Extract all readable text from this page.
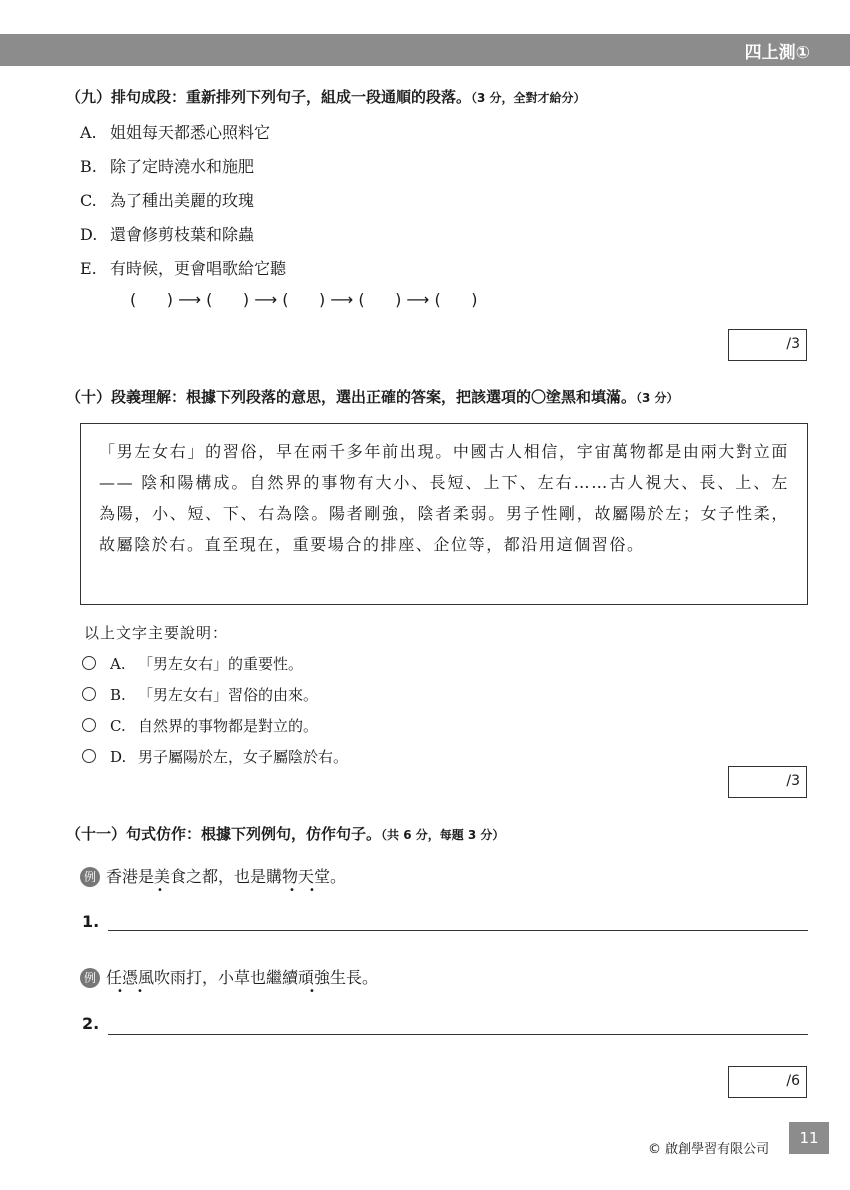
四上測①
（九）排句成段：重新排列下列句子，組成一段通順的段落。（3 分，全對才給分）
A. 姐姐每天都悉心照料它
B. 除了定時澆水和施肥
C. 為了種出美麗的玫瑰
D. 還會修剪枝葉和除蟲
E. 有時候，更會唱歌給它聽
(      ) ⟶ (      ) ⟶ (      ) ⟶ (      ) ⟶ (      )
/3
（十）段義理解：根據下列段落的意思，選出正確的答案，把該選項的〇塗黑和填滿。（3 分）

「男左女右」的習俗，早在兩千多年前出現。中國古人相信，宇宙萬物都是由兩大對立面 —— 陰和陽構成。自然界的事物有大小、長短、上下、左右……古人視大、長、上、左為陽，小、短、下、右為陰。陽者剛強，陰者柔弱。男子性剛，故屬陽於左；女子性柔，故屬陰於右。直至現在，重要場合的排座、企位等，都沿用這個習俗。

以上文字主要說明：
A. 「男左女右」的重要性。
B. 「男左女右」習俗的由來。
C. 自然界的事物都是對立的。
D. 男子屬陽於左，女子屬陰於右。
/3
（十一）句式仿作：根據下列例句，仿作句子。（共 6 分，每題 3 分）
例 香港是美食之都，也是購物天堂。
•	• •
1.
例 任憑風吹雨打，小草也繼續頑強生長。
• •	•
2.
/6
© 啟創學習有限公司
11
